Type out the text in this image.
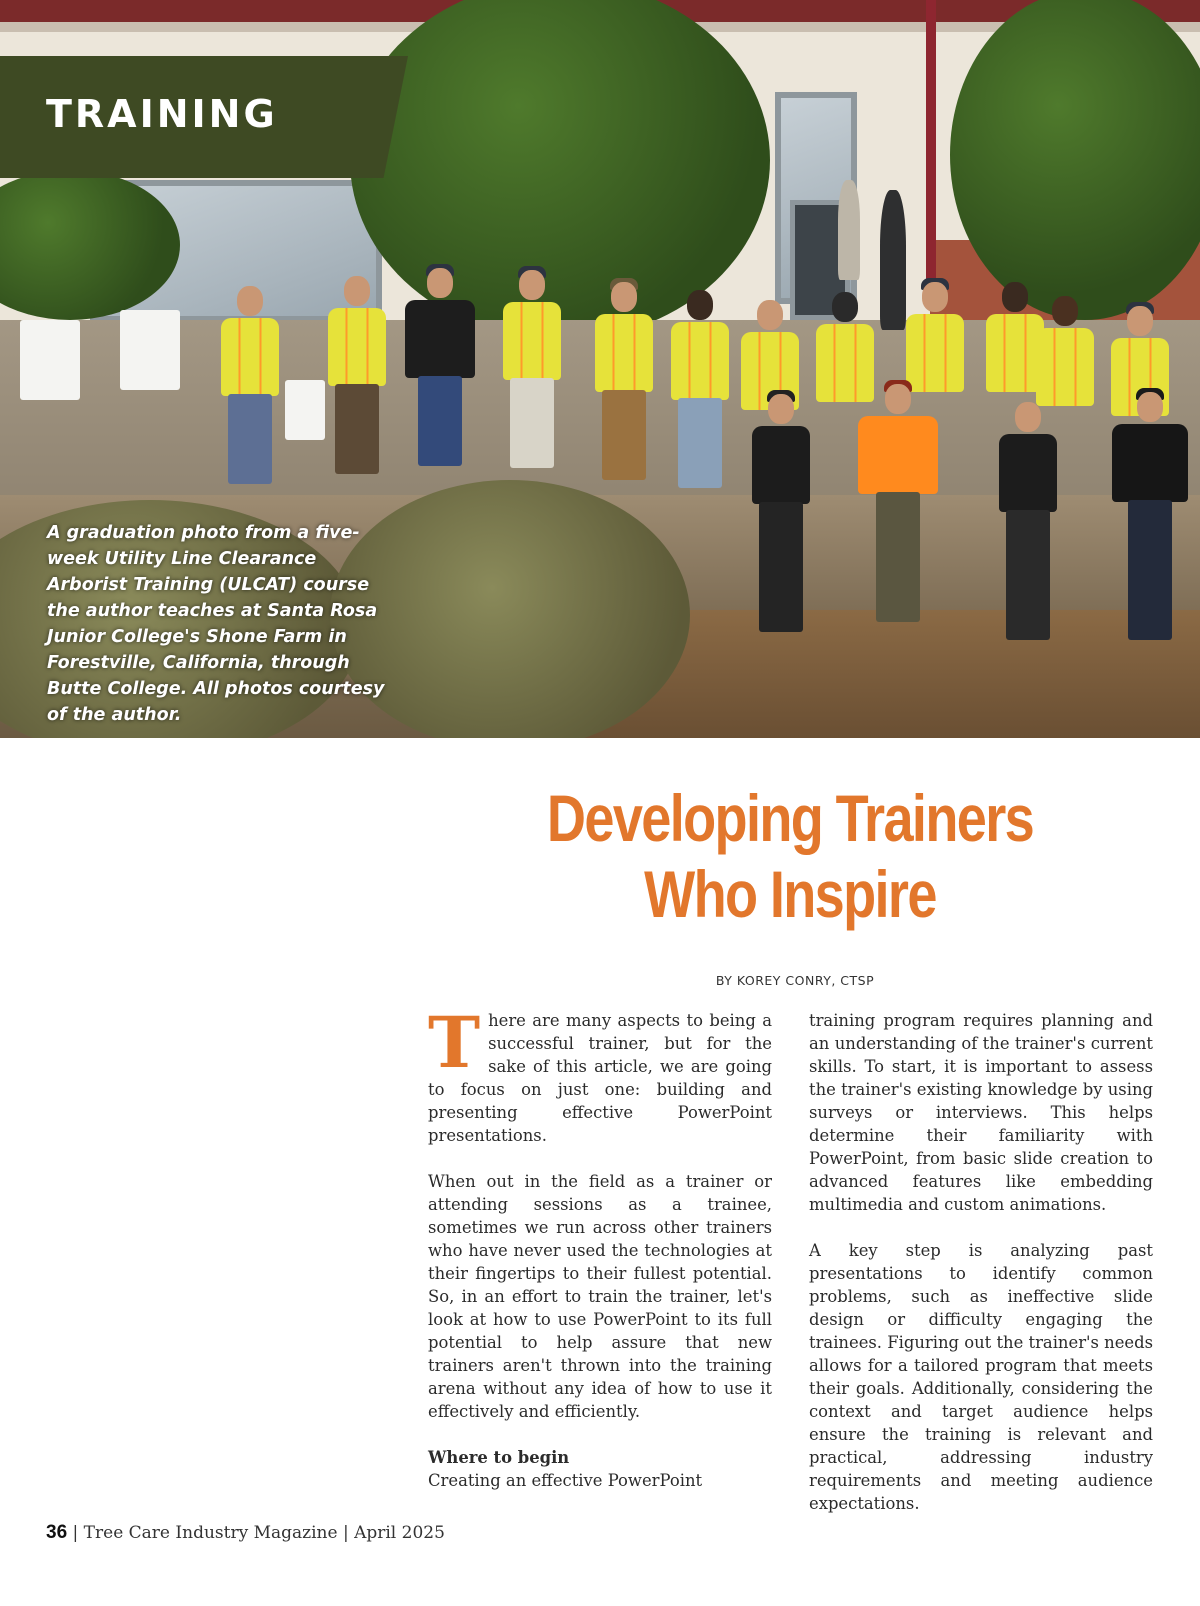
TRAINING

A graduation photo from a five-week Utility Line Clearance Arborist Training (ULCAT) course the author teaches at Santa Rosa Junior College's Shone Farm in Forestville, California, through Butte College. All photos courtesy of the author.

Developing Trainers
Who Inspire

BY KOREY CONRY, CTSP

There are many aspects to being a successful trainer, but for the sake of this article, we are going to focus on just one: building and presenting effective PowerPoint presentations.

When out in the field as a trainer or attending sessions as a trainee, sometimes we run across other trainers who have never used the technologies at their fingertips to their fullest potential. So, in an effort to train the trainer, let's look at how to use PowerPoint to its full potential to help assure that new trainers aren't thrown into the training arena without any idea of how to use it effectively and efficiently.

Where to begin
Creating an effective PowerPoint

training program requires planning and an understanding of the trainer's current skills. To start, it is important to assess the trainer's existing knowledge by using surveys or interviews. This helps determine their familiarity with PowerPoint, from basic slide creation to advanced features like embedding multimedia and custom animations.

A key step is analyzing past presentations to identify common problems, such as ineffective slide design or difficulty engaging the trainees. Figuring out the trainer's needs allows for a tailored program that meets their goals. Additionally, considering the context and target audience helps ensure the training is relevant and practical, addressing industry requirements and meeting audience expectations.

36 | Tree Care Industry Magazine | April 2025
